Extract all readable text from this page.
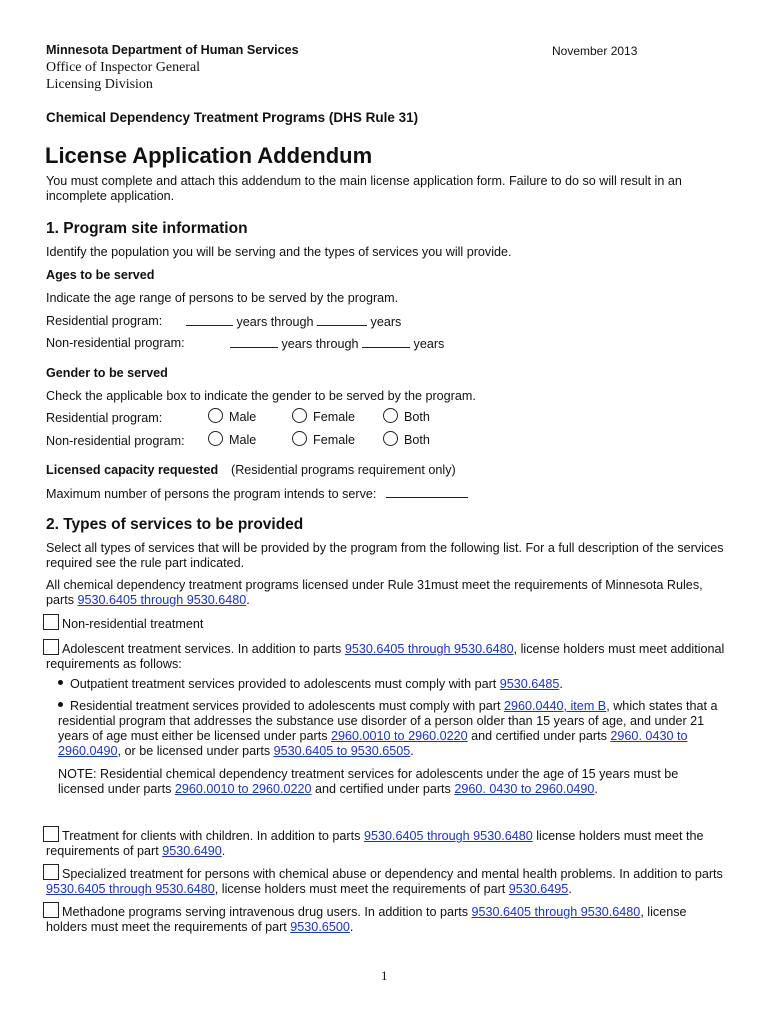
Minnesota Department of Human Services	November 2013
Office of Inspector General
Licensing Division
Chemical Dependency Treatment Programs (DHS Rule 31)
License Application Addendum
You must complete and attach this addendum to the main license application form. Failure to do so will result in an incomplete application.
1. Program site information
Identify the population you will be serving and the types of services you will provide.
Ages to be served
Indicate the age range of persons to be served by the program.
Residential program:	years through	years
Non-residential program:	years through	years
Gender to be served
Check the applicable box to indicate the gender to be served by the program.
Residential program:	Male	Female	Both
Non-residential program:	Male	Female	Both
Licensed capacity requested (Residential programs requirement only)
Maximum number of persons the program intends to serve:
2. Types of services to be provided
Select all types of services that will be provided by the program from the following list. For a full description of the services required see the rule part indicated.
All chemical dependency treatment programs licensed under Rule 31must meet the requirements of Minnesota Rules, parts 9530.6405 through 9530.6480.
Non-residential treatment
Adolescent treatment services. In addition to parts 9530.6405 through 9530.6480, license holders must meet additional requirements as follows:
Outpatient treatment services provided to adolescents must comply with part 9530.6485.
Residential treatment services provided to adolescents must comply with part 2960.0440, item B, which states that a residential program that addresses the substance use disorder of a person older than 15 years of age, and under 21 years of age must either be licensed under parts 2960.0010 to 2960.0220 and certified under parts 2960. 0430 to 2960.0490, or be licensed under parts 9530.6405 to 9530.6505.
NOTE: Residential chemical dependency treatment services for adolescents under the age of 15 years must be licensed under parts 2960.0010 to 2960.0220 and certified under parts 2960. 0430 to 2960.0490.
Treatment for clients with children. In addition to parts 9530.6405 through 9530.6480 license holders must meet the requirements of part 9530.6490.
Specialized treatment for persons with chemical abuse or dependency and mental health problems. In addition to parts 9530.6405 through 9530.6480, license holders must meet the requirements of part 9530.6495.
Methadone programs serving intravenous drug users. In addition to parts 9530.6405 through 9530.6480, license holders must meet the requirements of part 9530.6500.
1
